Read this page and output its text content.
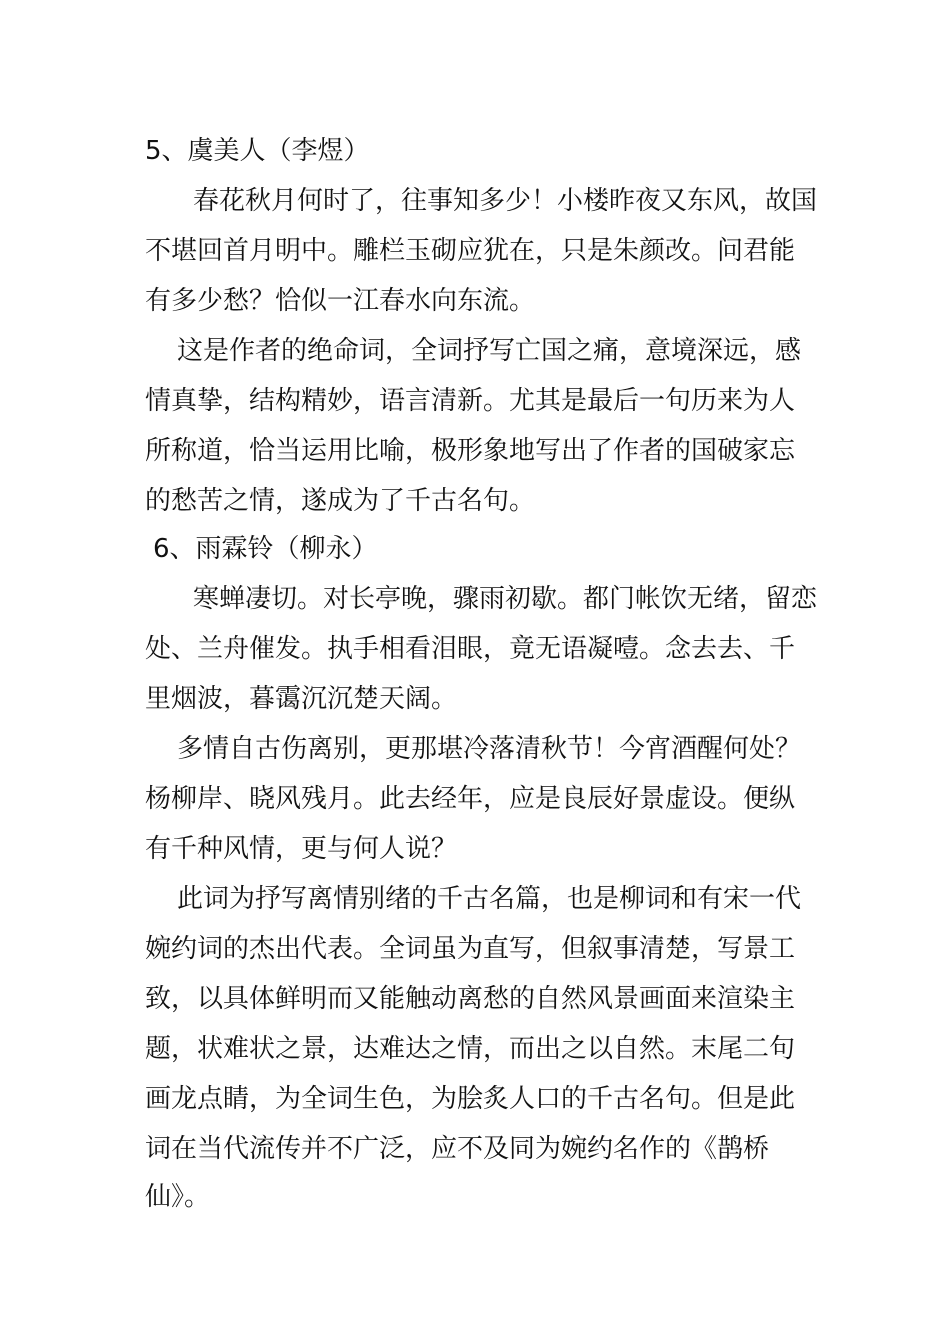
5、虞美人（李煜）
春花秋月何时了，往事知多少！小楼昨夜又东风，故国
不堪回首月明中。雕栏玉砌应犹在，只是朱颜改。问君能
有多少愁？恰似一江春水向东流。
这是作者的绝命词，全词抒写亡国之痛，意境深远，感
情真挚，结构精妙，语言清新。尤其是最后一句历来为人
所称道，恰当运用比喻，极形象地写出了作者的国破家忘
的愁苦之情，遂成为了千古名句。
6、雨霖铃（柳永）
寒蝉凄切。对长亭晚，骤雨初歇。都门帐饮无绪，留恋
处、兰舟催发。执手相看泪眼，竟无语凝噎。念去去、千
里烟波，暮霭沉沉楚天阔。
多情自古伤离别，更那堪冷落清秋节！今宵酒醒何处？
杨柳岸、晓风残月。此去经年，应是良辰好景虚设。便纵
有千种风情，更与何人说？
此词为抒写离情别绪的千古名篇，也是柳词和有宋一代
婉约词的杰出代表。全词虽为直写，但叙事清楚，写景工
致，以具体鲜明而又能触动离愁的自然风景画面来渲染主
题，状难状之景，达难达之情，而出之以自然。末尾二句
画龙点睛，为全词生色，为脍炙人口的千古名句。但是此
词在当代流传并不广泛，应不及同为婉约名作的《鹊桥
仙》。
